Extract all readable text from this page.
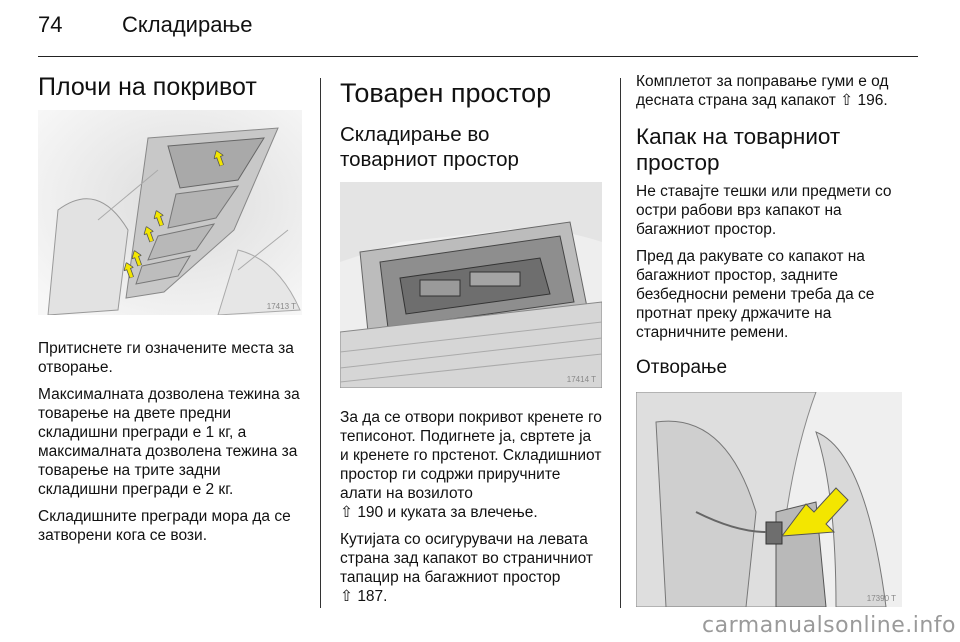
74	Складирање
Плочи на покривот
17413 T

Притиснете ги означените места за отворање.

Максималната дозволена тежина за товарење на двете предни складишни прегради е 1 кг, а максималната дозволена тежина за товарење на трите задни складишни прегради е 2 кг.

Складишните прегради мора да се затворени кога се вози.

Товарен простор
Складирање во товарниот простор
17414 T

За да се отвори покривот кренете го теписонот. Подигнете ја, свртете ја и кренете го прстенот. Складишниот простор ги содржи приручните алати на возилото
⇧ 190 и куката за влечење.

Кутијата со осигурувачи на левата страна зад капакот во страничниот тапацир на багажниот простор
⇧ 187.

Комплетот за поправање гуми е од десната страна зад капакот ⇧ 196.

Капак на товарниот простор

Не ставајте тешки или предмети со остри рабови врз капакот на багажниот простор.

Пред да ракувате со капакот на багажниот простор, задните безбедносни ремени треба да се протнат преку држачите на старничните ремени.

Отворање
17390 T
carmanualsonline.info
